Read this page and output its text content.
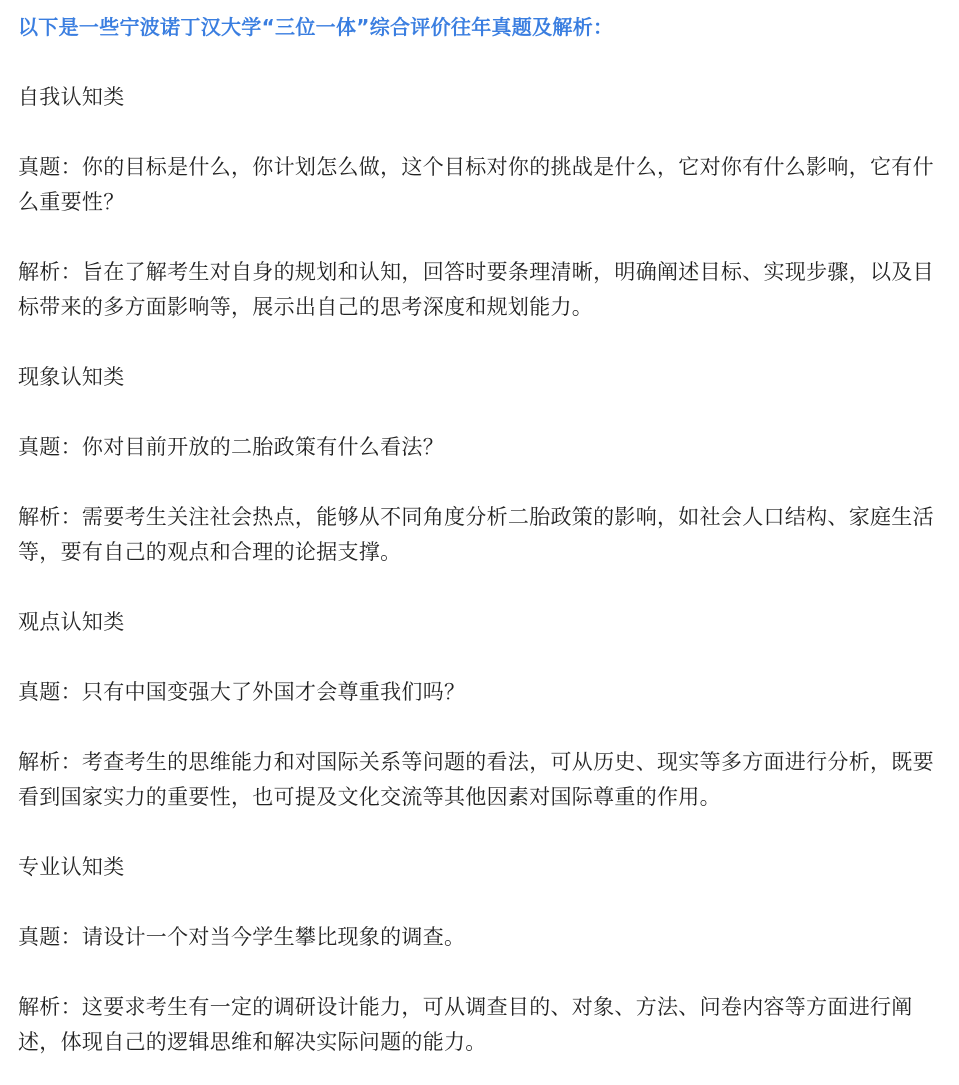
以下是一些宁波诺丁汉大学“三位一体”综合评价往年真题及解析：

自我认知类

真题：你的目标是什么，你计划怎么做，这个目标对你的挑战是什么，它对你有什么影响，它有什么重要性？

解析：旨在了解考生对自身的规划和认知，回答时要条理清晰，明确阐述目标、实现步骤，以及目标带来的多方面影响等，展示出自己的思考深度和规划能力。

现象认知类

真题：你对目前开放的二胎政策有什么看法？

解析：需要考生关注社会热点，能够从不同角度分析二胎政策的影响，如社会人口结构、家庭生活等，要有自己的观点和合理的论据支撑。

观点认知类

真题：只有中国变强大了外国才会尊重我们吗？

解析：考查考生的思维能力和对国际关系等问题的看法，可从历史、现实等多方面进行分析，既要看到国家实力的重要性，也可提及文化交流等其他因素对国际尊重的作用。

专业认知类

真题：请设计一个对当今学生攀比现象的调查。

解析：这要求考生有一定的调研设计能力，可从调查目的、对象、方法、问卷内容等方面进行阐述，体现自己的逻辑思维和解决实际问题的能力。
